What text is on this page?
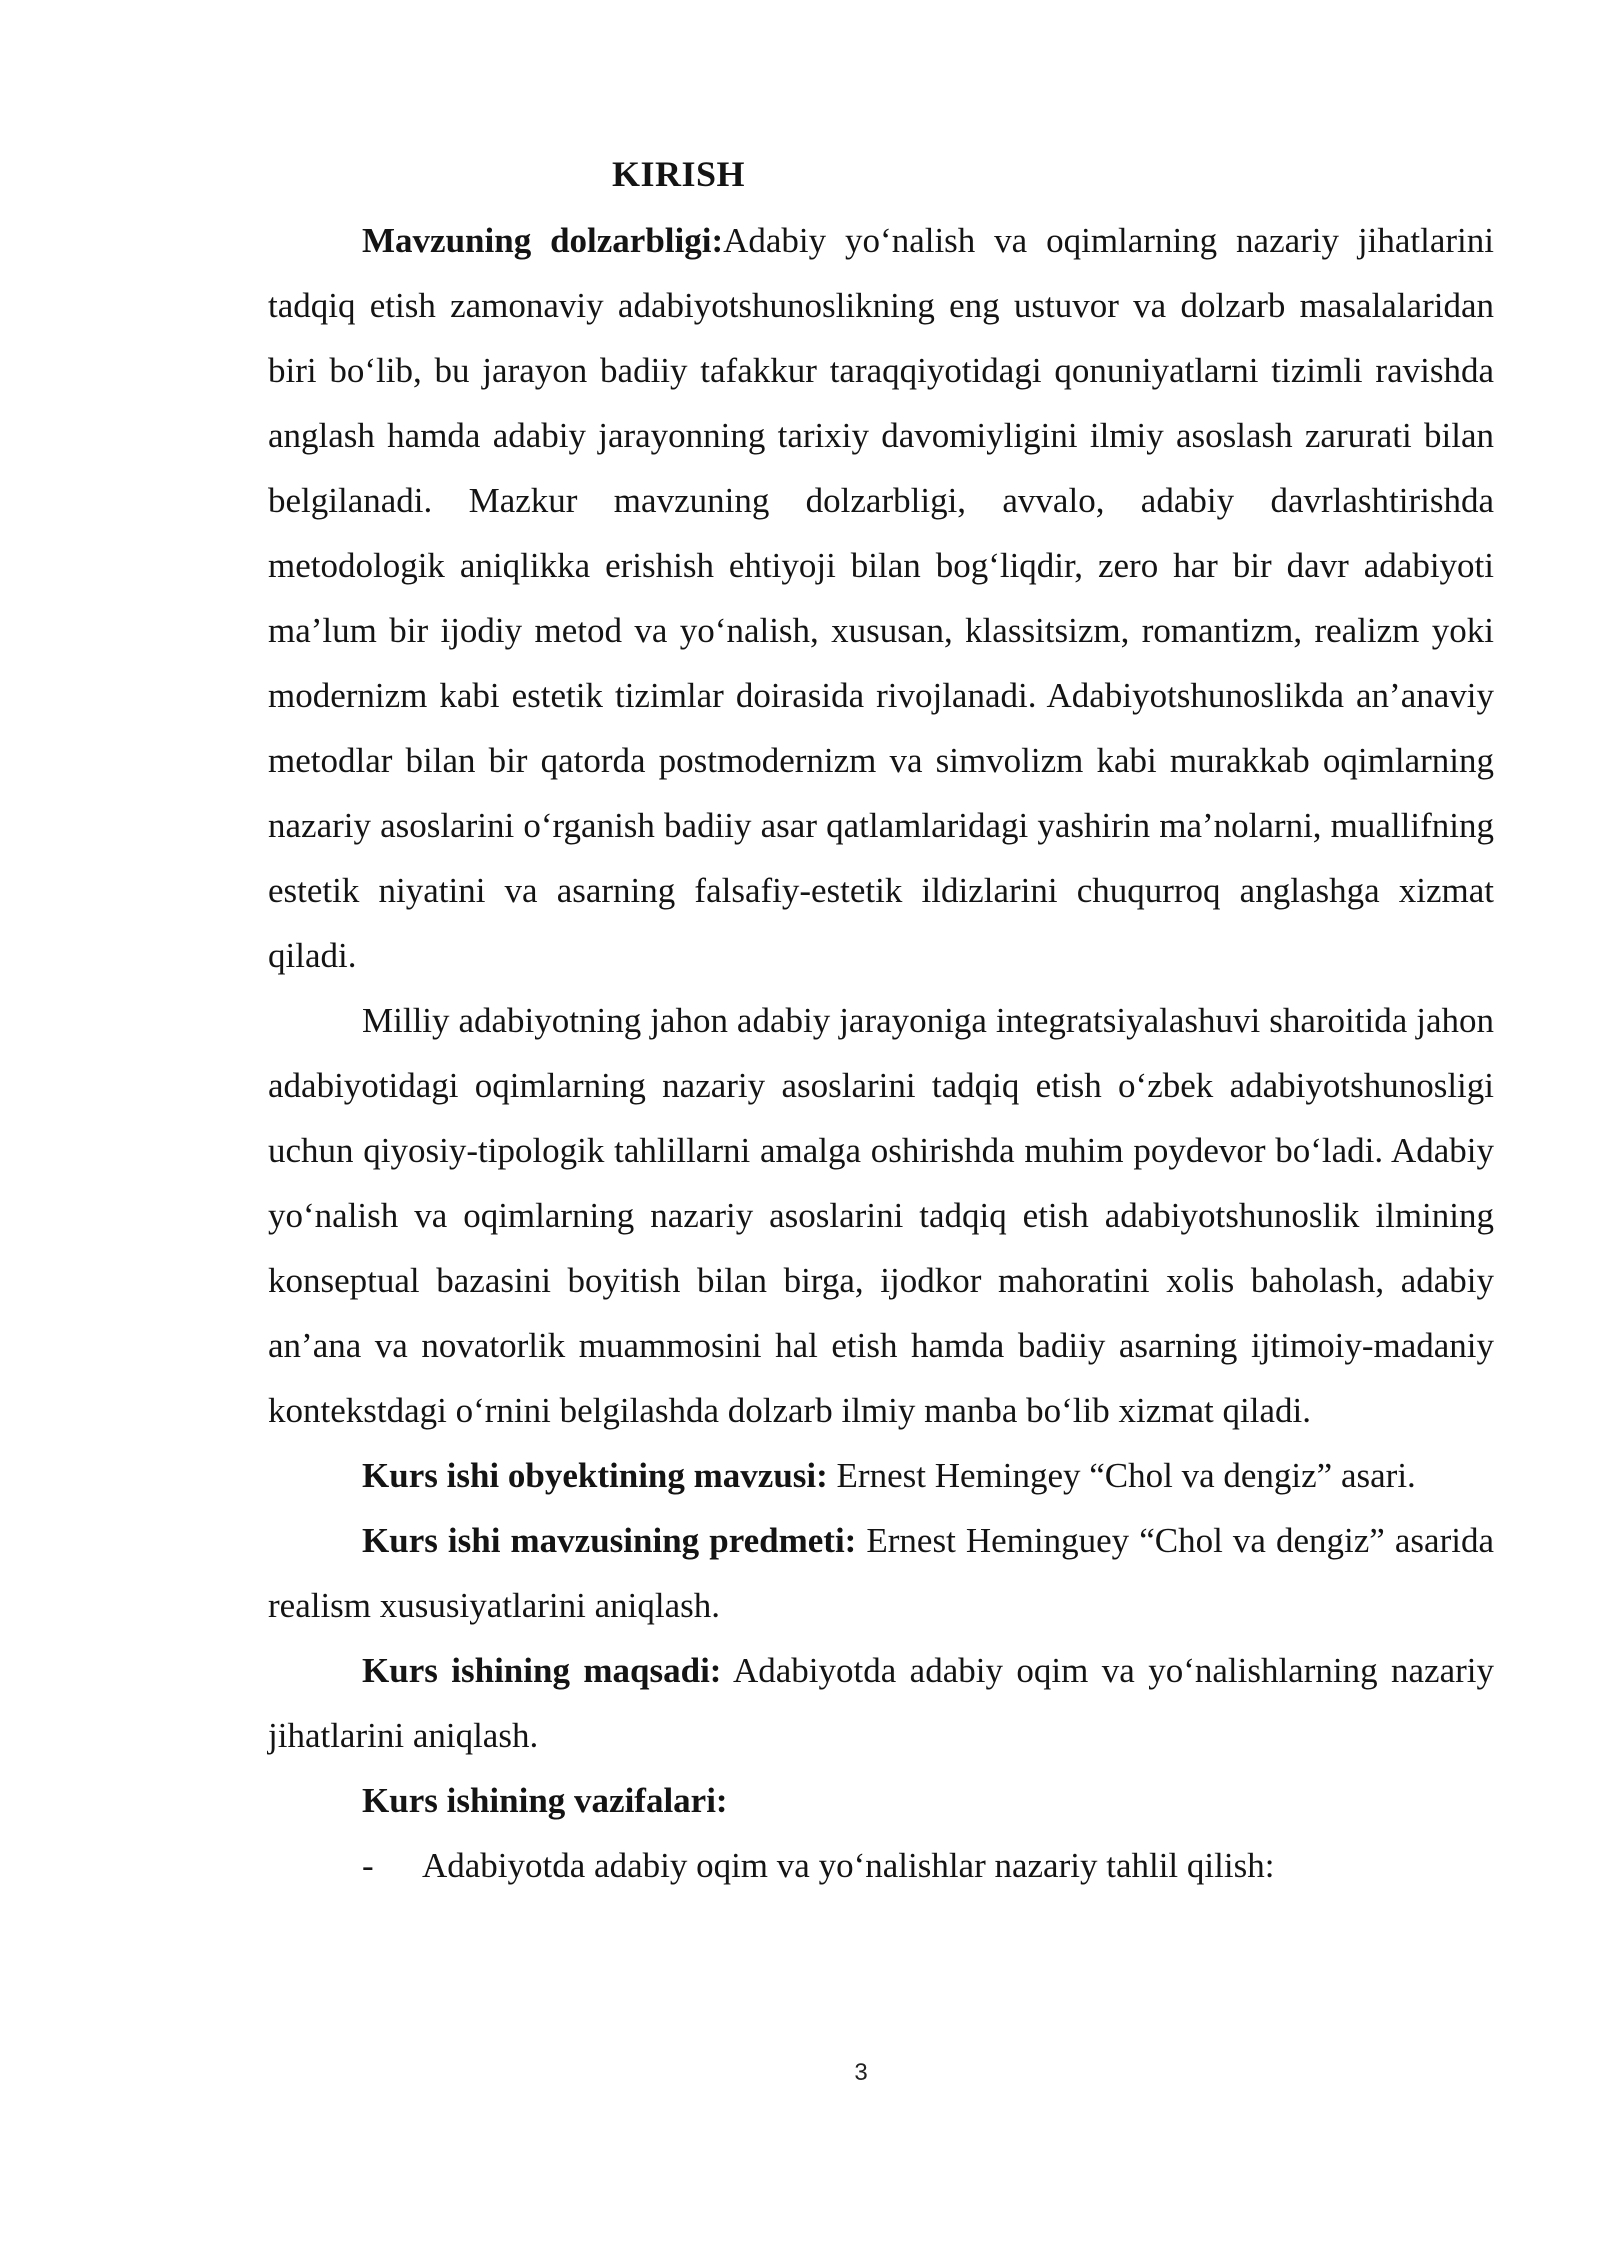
KIRISH

Mavzuning dolzarbligi:Adabiy yo‘nalish va oqimlarning nazariy jihatlarini tadqiq etish zamonaviy adabiyotshunoslikning eng ustuvor va dolzarb masalalaridan biri bo‘lib, bu jarayon badiiy tafakkur taraqqiyotidagi qonuniyatlarni tizimli ravishda anglash hamda adabiy jarayonning tarixiy davomiyligini ilmiy asoslash zarurati bilan belgilanadi. Mazkur mavzuning dolzarbligi, avvalo, adabiy davrlashtirishda metodologik aniqlikka erishish ehtiyoji bilan bog‘liqdir, zero har bir davr adabiyoti ma’lum bir ijodiy metod va yo‘nalish, xususan, klassitsizm, romantizm, realizm yoki modernizm kabi estetik tizimlar doirasida rivojlanadi. Adabiyotshunoslikda an’anaviy metodlar bilan bir qatorda postmodernizm va simvolizm kabi murakkab oqimlarning nazariy asoslarini o‘rganish badiiy asar qatlamlaridagi yashirin ma’nolarni, muallifning estetik niyatini va asarning falsafiy-estetik ildizlarini chuqurroq anglashga xizmat qiladi.

Milliy adabiyotning jahon adabiy jarayoniga integratsiyalashuvi sharoitida jahon adabiyotidagi oqimlarning nazariy asoslarini tadqiq etish o‘zbek adabiyotshunosligi uchun qiyosiy-tipologik tahlillarni amalga oshirishda muhim poydevor bo‘ladi. Adabiy yo‘nalish va oqimlarning nazariy asoslarini tadqiq etish adabiyotshunoslik ilmining konseptual bazasini boyitish bilan birga, ijodkor mahoratini xolis baholash, adabiy an’ana va novatorlik muammosini hal etish hamda badiiy asarning ijtimoiy-madaniy kontekstdagi o‘rnini belgilashda dolzarb ilmiy manba bo‘lib xizmat qiladi.

Kurs ishi obyektining mavzusi: Ernest Hemingey “Chol va dengiz” asari.

Kurs ishi mavzusining predmeti: Ernest Heminguey “Chol va dengiz” asarida realism xususiyatlarini aniqlash.

Kurs ishining maqsadi: Adabiyotda adabiy oqim va yo‘nalishlarning nazariy jihatlarini aniqlash.

Kurs ishining vazifalari:

-	Adabiyotda adabiy oqim va yo‘nalishlar nazariy tahlil qilish:

3
